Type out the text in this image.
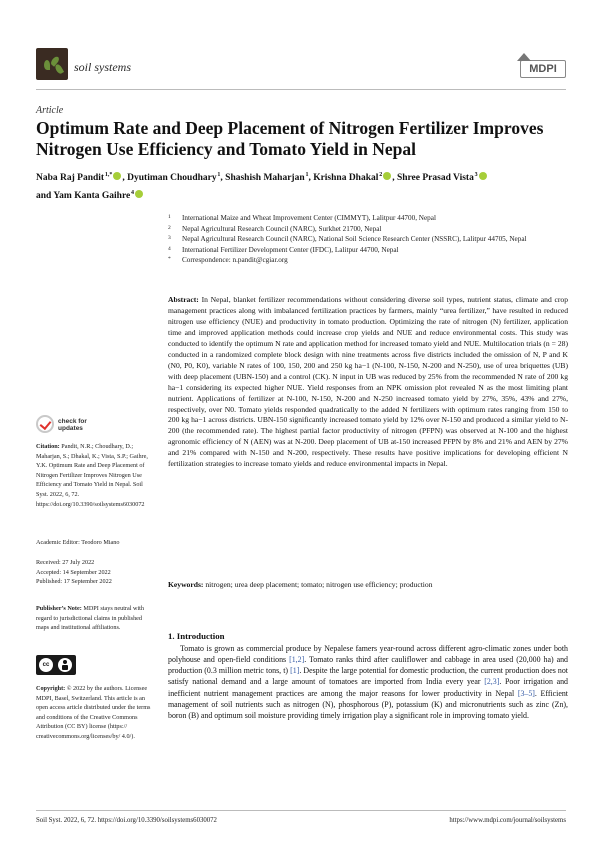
soil systems	MDPI
Article
Optimum Rate and Deep Placement of Nitrogen Fertilizer Improves Nitrogen Use Efficiency and Tomato Yield in Nepal
Naba Raj Pandit $^{1,*}$ , Dyutiman Choudhary $^1$, Shashish Maharjan $^1$, Krishna Dhakal $^2$ , Shree Prasad Vista $^3$
and Yam Kanta Gaihre $^4$
1 International Maize and Wheat Improvement Center (CIMMYT), Lalitpur 44700, Nepal
2 Nepal Agricultural Research Council (NARC), Surkhet 21700, Nepal
3 Nepal Agricultural Research Council (NARC), National Soil Science Research Center (NSSRC), Lalitpur 44705, Nepal
4 International Fertilizer Development Center (IFDC), Lalitpur 44700, Nepal
* Correspondence: n.pandit@cgiar.org
Abstract: In Nepal, blanket fertilizer recommendations without considering diverse soil types, nutrient status, climate and crop management practices along with imbalanced fertilization practices by farmers, mainly “urea fertilizer,” have resulted in reduced nitrogen use efficiency (NUE) and productivity in tomato production. Optimizing the rate of nitrogen (N) fertilizer, application time and improved application methods could increase crop yields and NUE and reduce environmental costs. This study was conducted to identify the optimum N rate and application method for increased tomato yield and NUE. Multilocation trials (n = 28) conducted in a randomized complete block design with nine treatments across five districts included the omission of N, P and K (N0, P0, K0), variable N rates of 100, 150, 200 and 250 kg ha−1 (N-100, N-150, N-200 and N-250), use of urea briquettes (UB) with deep placement (UBN-150) and a control (CK). N input in UB was reduced by 25% from the recommended N rate of 200 kg ha−1 considering its expected higher NUE. Yield responses from an NPK omission plot revealed N as the most limiting plant nutrient. Applications of fertilizer at N-100, N-150, N-200 and N-250 increased tomato yield by 27%, 35%, 43% and 27%, respectively, over N0. Tomato yields responded quadratically to the added N fertilizers with optimum rates ranging from 150 to 200 kg ha−1 across districts. UBN-150 significantly increased tomato yield by 12% over N-150 and produced a similar yield to N-200 (the recommended rate). The highest partial factor productivity of nitrogen (PFPN) was observed at N-100 and the highest agronomic efficiency of N (AEN) was at N-200. Deep placement of UB at-150 increased PFPN by 8% and 21% and AEN by 27% and 21% compared with N-150 and N-200, respectively. These results have positive implications for developing efficient N fertilization strategies to increase tomato yields and reduce environmental impacts in Nepal.
Keywords: nitrogen; urea deep placement; tomato; nitrogen use efficiency; production
check for
updates
Citation: Pandit, N.R.; Choudhary, D.; Maharjan, S.; Dhakal, K.; Vista, S.P.; Gaihre, Y.K. Optimum Rate and Deep Placement of Nitrogen Fertilizer Improves Nitrogen Use Efficiency and Tomato Yield in Nepal. Soil Syst. 2022, 6, 72. https://doi.org/10.3390/soilsystems6030072
Academic Editor: Teodoro Miano
Received: 27 July 2022
Accepted: 14 September 2022
Published: 17 September 2022
Publisher’s Note: MDPI stays neutral with regard to jurisdictional claims in published maps and institutional affiliations.
cc
Copyright: © 2022 by the authors. Licensee MDPI, Basel, Switzerland. This article is an open access article distributed under the terms and conditions of the Creative Commons Attribution (CC BY) license (https:// creativecommons.org/licenses/by/ 4.0/).
1. Introduction
Tomato is grown as commercial produce by Nepalese famers year-round across different agro-climatic zones under both polyhouse and open-field conditions [1,2]. Tomato ranks third after cauliflower and cabbage in area used (20,000 ha) and production (0.3 million metric tons, t) [1]. Despite the large potential for domestic production, the current production does not satisfy national demand and a large amount of tomatoes are imported from India every year [2,3]. Poor irrigation and inefficient nutrient management practices are among the major reasons for lower productivity in Nepal [3–5]. Efficient management of soil nutrients such as nitrogen (N), phosphorous (P), potassium (K) and micronutrients such as zinc (Zn), boron (B) and optimum soil moisture providing timely irrigation play a significant role in improving tomato yield.
Soil Syst. 2022, 6, 72. https://doi.org/10.3390/soilsystems6030072	https://www.mdpi.com/journal/soilsystems
